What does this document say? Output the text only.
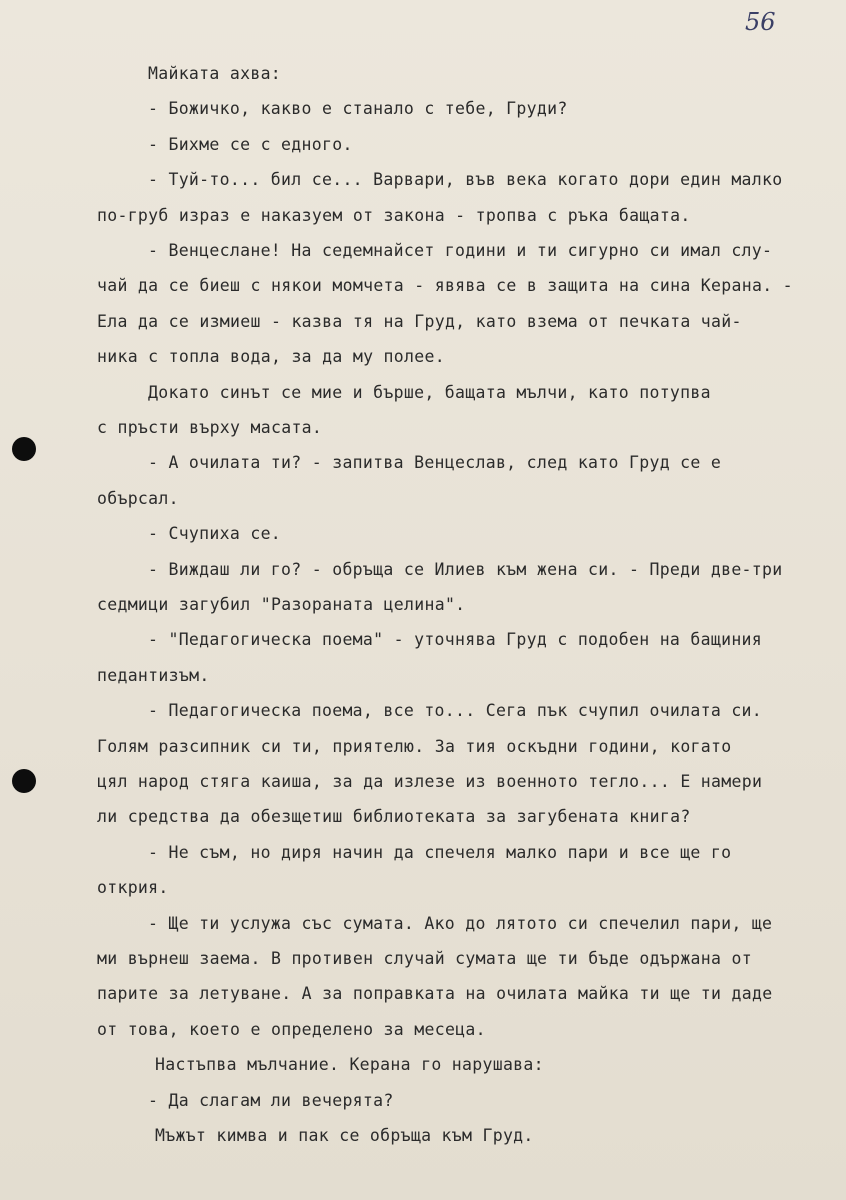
56
Майката ахва:
- Божичко, какво е станало с тебе, Груди?
- Бихме се с едного.
- Туй-то... бил се... Варвари, във века когато дори един малко
по-груб израз е наказуем от закона - тропва с ръка бащата.
- Венцеслане! На седемнайсет години и ти сигурно си имал слу-
чай да се биеш с някои момчета - явява се в защита на сина Керана. -
Ела да се измиеш - казва тя на Груд, като взема от печката чай-
ника с топла вода, за да му полее.
Докато синът се мие и бърше, бащата мълчи, като потупва
с пръсти върху масата.
- А очилата ти? - запитва Венцеслав, след като Груд се е
обърсал.
- Счупиха се.
- Виждаш ли го? - обръща се Илиев към жена си. - Преди две-три
седмици загубил "Разораната целина".
- "Педагогическа поема" - уточнява Груд с подобен на бащиния
педантизъм.
- Педагогическа поема, все то... Сега пък счупил очилата си.
Голям разсипник си ти, приятелю. За тия оскъдни години, когато
цял народ стяга каиша, за да излезе из военното тегло... Е намери
ли средства да обезщетиш библиотеката за загубената книга?
- Не съм, но диря начин да спечеля малко пари и все ще го
открия.
- Ще ти услужа със сумата. Ако до лятото си спечелил пари, ще
ми върнеш заема. В противен случай сумата ще ти бъде одържана от
парите за летуване. А за поправката на очилата майка ти ще ти даде
от това, което е определено за месеца.
Настъпва мълчание. Керана го нарушава:
- Да слагам ли вечерята?
Мъжът кимва и пак се обръща към Груд.
